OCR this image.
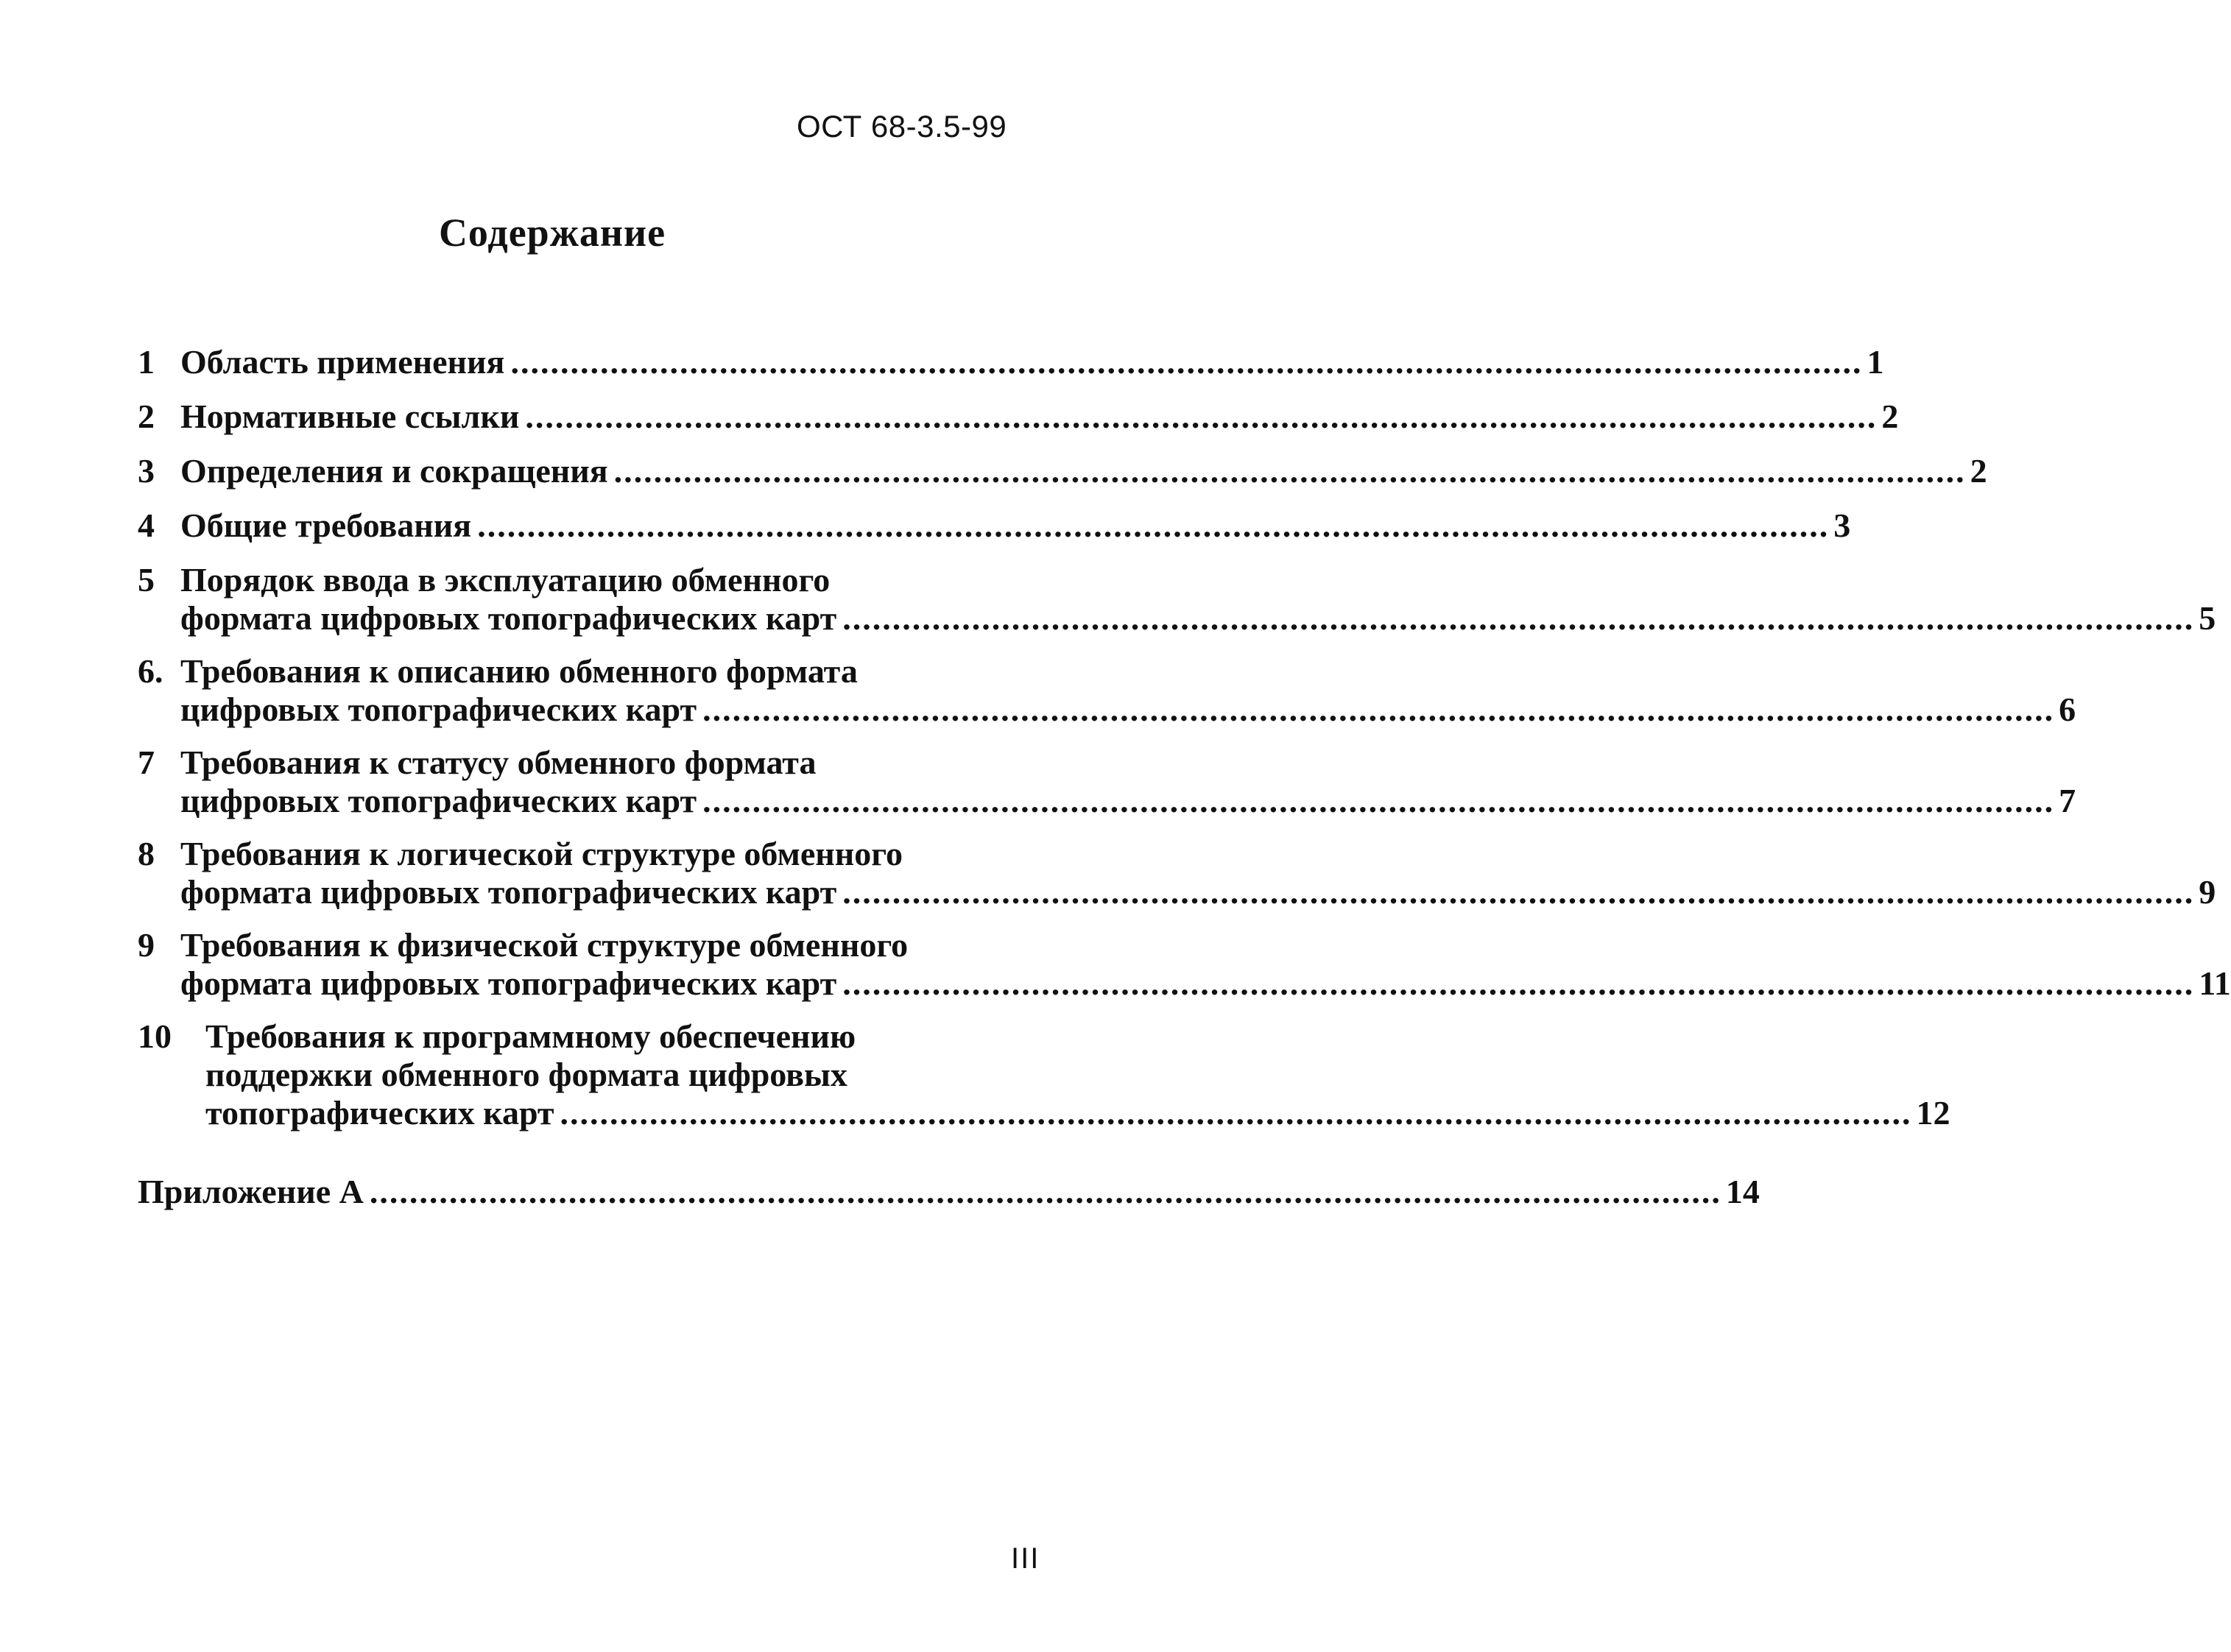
ОСТ 68-3.5-99
Содержание
1 Область применения ........................................................................................................................................ 1
2 Нормативные ссылки ........................................................................................................................................ 2
3 Определения и сокращения ........................................................................................................................................ 2
4 Общие требования ........................................................................................................................................ 3
5 Порядок ввода в эксплуатацию обменного
формата цифровых топографических карт ........................................................................................................................................ 5
6. Требования к описанию обменного формата
цифровых топографических карт ........................................................................................................................................ 6
7 Требования к статусу обменного формата
цифровых топографических карт ........................................................................................................................................ 7
8 Требования к логической структуре обменного
формата цифровых топографических карт ........................................................................................................................................ 9
9 Требования к физической структуре обменного
формата цифровых топографических карт ........................................................................................................................................ 11
10	Требования к программному обеспечению
поддержки обменного формата цифровых
топографических карт ........................................................................................................................................ 12
Приложение А ........................................................................................................................................ 14
III
